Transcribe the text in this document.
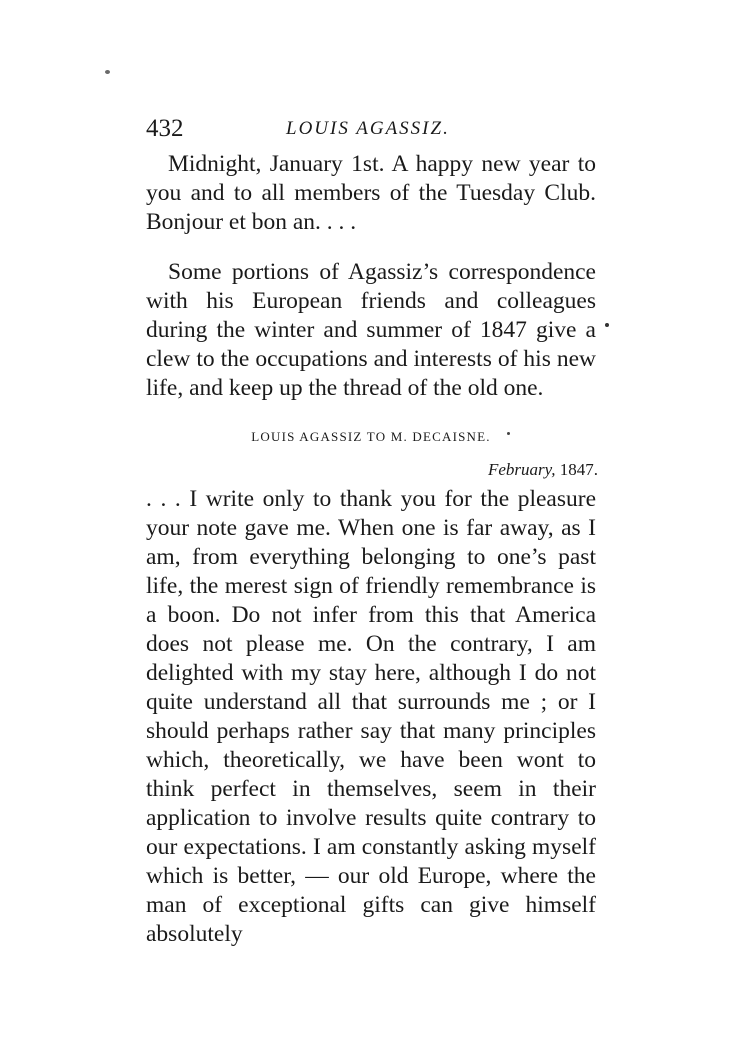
432	LOUIS AGASSIZ.

Midnight, January 1st. A happy new year to you and to all members of the Tuesday Club. Bonjour et bon an. . . .

Some portions of Agassiz’s correspondence with his European friends and colleagues during the winter and summer of 1847 give a clew to the occupations and interests of his new life, and keep up the thread of the old one.

LOUIS AGASSIZ TO M. DECAISNE.

February, 1847.

. . . I write only to thank you for the pleasure your note gave me. When one is far away, as I am, from everything belonging to one’s past life, the merest sign of friendly remembrance is a boon. Do not infer from this that America does not please me. On the contrary, I am delighted with my stay here, although I do not quite understand all that surrounds me ; or I should perhaps rather say that many principles which, theoretically, we have been wont to think perfect in themselves, seem in their application to involve results quite contrary to our expectations. I am constantly asking myself which is better, — our old Europe, where the man of exceptional gifts can give himself absolutely
